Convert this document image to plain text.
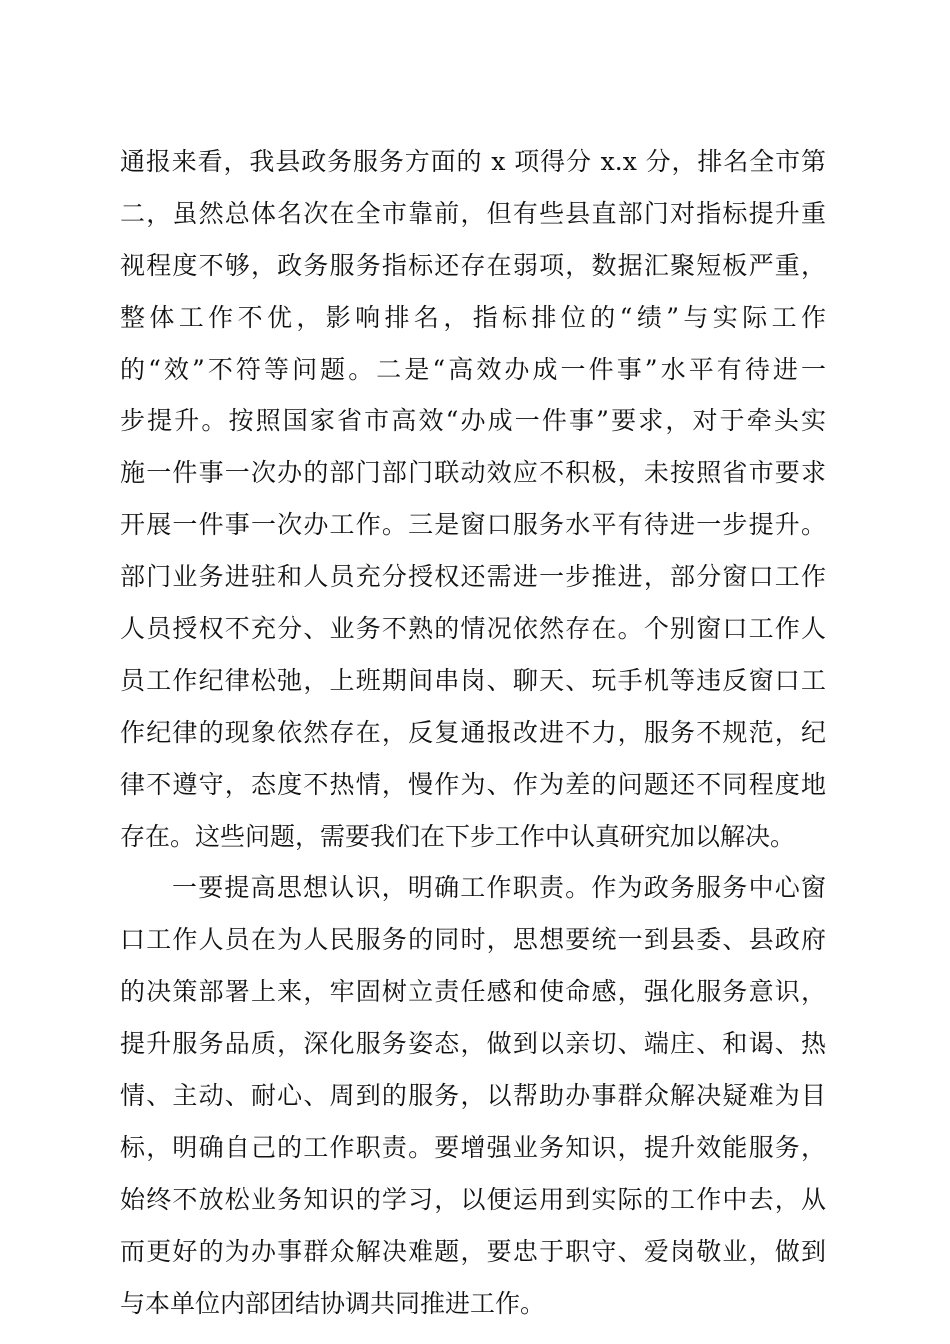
通报来看，我县政务服务方面的 x 项得分 x.x 分，排名全市第
二，虽然总体名次在全市靠前，但有些县直部门对指标提升重
视程度不够，政务服务指标还存在弱项，数据汇聚短板严重，
整体工作不优，影响排名，指标排位的“绩”与实际工作
的“效”不符等问题。二是“高效办成一件事”水平有待进一
步提升。按照国家省市高效“办成一件事”要求，对于牵头实
施一件事一次办的部门部门联动效应不积极，未按照省市要求
开展一件事一次办工作。三是窗口服务水平有待进一步提升。
部门业务进驻和人员充分授权还需进一步推进，部分窗口工作
人员授权不充分、业务不熟的情况依然存在。个别窗口工作人
员工作纪律松弛，上班期间串岗、聊天、玩手机等违反窗口工
作纪律的现象依然存在，反复通报改进不力，服务不规范，纪
律不遵守，态度不热情，慢作为、作为差的问题还不同程度地
存在。这些问题，需要我们在下步工作中认真研究加以解决。
一要提高思想认识，明确工作职责。作为政务服务中心窗
口工作人员在为人民服务的同时，思想要统一到县委、县政府
的决策部署上来，牢固树立责任感和使命感，强化服务意识，
提升服务品质，深化服务姿态，做到以亲切、端庄、和谒、热
情、主动、耐心、周到的服务，以帮助办事群众解决疑难为目
标，明确自己的工作职责。要增强业务知识，提升效能服务，
始终不放松业务知识的学习，以便运用到实际的工作中去，从
而更好的为办事群众解决难题，要忠于职守、爱岗敬业，做到
与本单位内部团结协调共同推进工作。
